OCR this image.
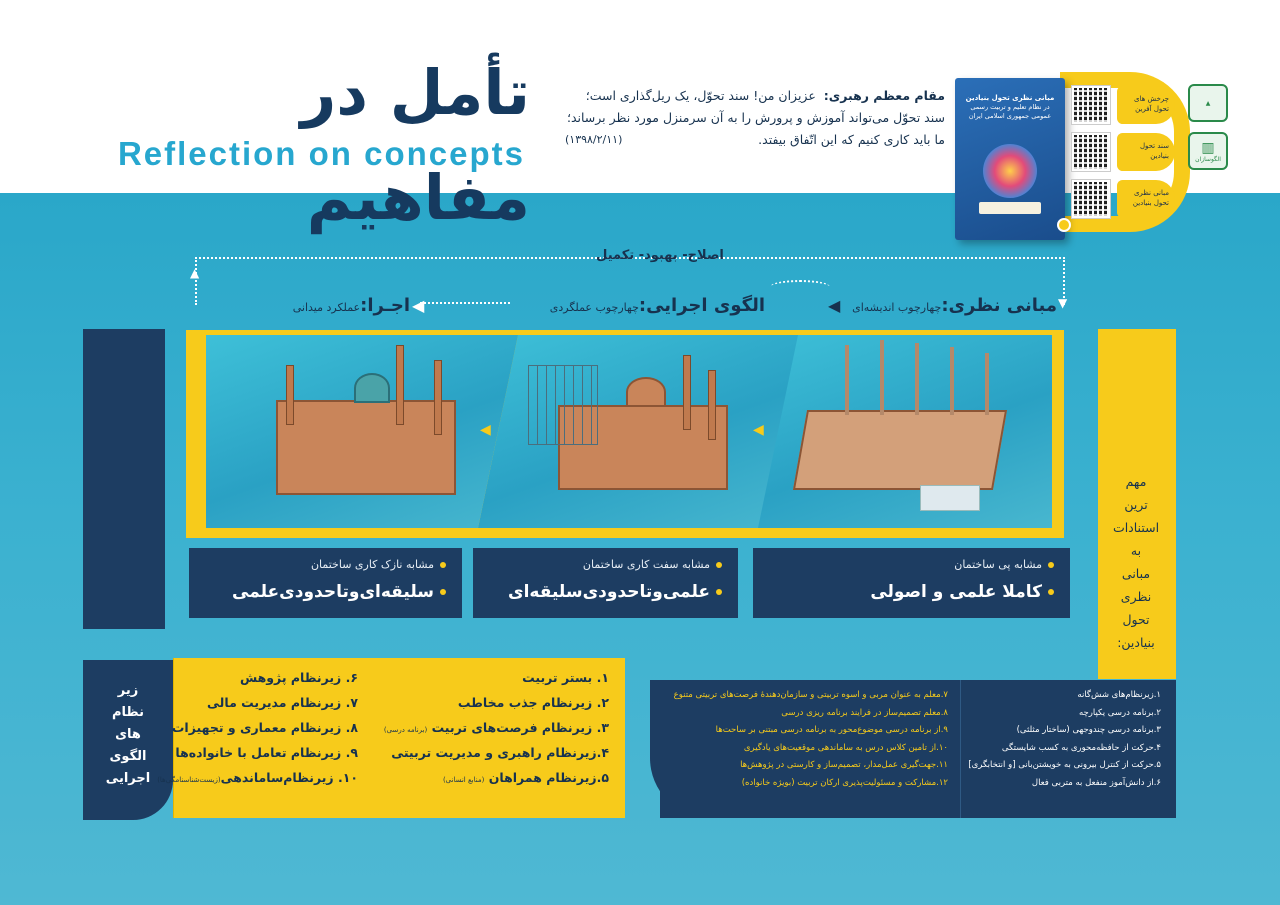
تأمل در مفاهیم
Reflection on concepts
مقام معظم رهبری:  عزیزان من! سند تحوّل، یک ریل‌گذاری است؛
سند تحوّل می‌تواند آموزش و پرورش را به آن سرمنزل مورد نظر برساند؛
ما باید کاری کنیم که این اتّفاق بیفتد.
(۱۳۹۸/۲/۱۱)
مبانی نظری تحول بنیادین
در نظام تعلیم و تربیت رسمی عمومی جمهوری اسلامی ایران
چرخش های تحول آفرین
سند تحول بنیادین
مبانی نظری تحول بنیادین
▲
▥
الگوسازان
▼
▲
اصلاح- بهبود- تکمیل
مبانی نظری:چهارچوب اندیشه‌ای
◀
الگوی اجرایی:چهارچوب عملگردی
◀
اجـرا:عملکرد میدانی
مهم
ترین
استنادات
به
مبانی
نظری
تحول
بنیادین:
◀	◀
مشابه پی ساختمان
کاملا علمی و اصولی
مشابه سفت کاری ساختمان
علمی‌وتاحدودی‌سلیقه‌ای
مشابه نازک کاری ساختمان
سلیقه‌ای‌وتاحدودی‌علمی
زیر
نظام
های
الگوی
اجرایی
۱. بستر تربیت
۲. زیرنظام جذب مخاطب
۳. زیرنظام فرصت‌های تربیت (برنامه درسی)
۴.زیرنظام راهبری و مدیریت تربیتی
۵.زیرنظام همراهان (منابع انسانی)
۶. زیرنظام پژوهش
۷. زیرنظام مدیریت مالی
۸. زیرنظام معماری و تجهیزات
۹. زیرنظام تعامل با خانواده‌ها
۱۰. زیرنظام‌ساماندهی(زیست‌شناسنامگی‌ها)
۷.معلم به عنوان مربی و اسوه تربیتی و سازمان‌دهندهٔ فرصت‌های تربیتی متنوع
۸.معلم تصمیم‌ساز در فرایند برنامه ریزی درسی
۹.از برنامه درسی موضوع‌محور به برنامه درسی مبتنی بر ساحت‌ها
۱۰.از تامین کلاس درس به ساماندهی موقعیت‌های یادگیری
۱۱.جهت‌گیری عمل‌مدار، تصمیم‌ساز و کارستی در پژوهش‌ها
۱۲.مشارکت و مسئولیت‌پذیری ارکان تربیت (بویژه خانواده)
۱.زیرنظام‌های شش‌گانه
۲.برنامه درسی یکپارچه
۳.برنامه درسی چندوجهی (ساختار مثلثی)
۴.حرکت از حافظه‌محوری به کسب شایستگی
۵.حرکت از کنترل بیرونی به خویشتن‌بانی [و انتخابگری]
۶.از دانش‌آموز منفعل به متربی فعال
